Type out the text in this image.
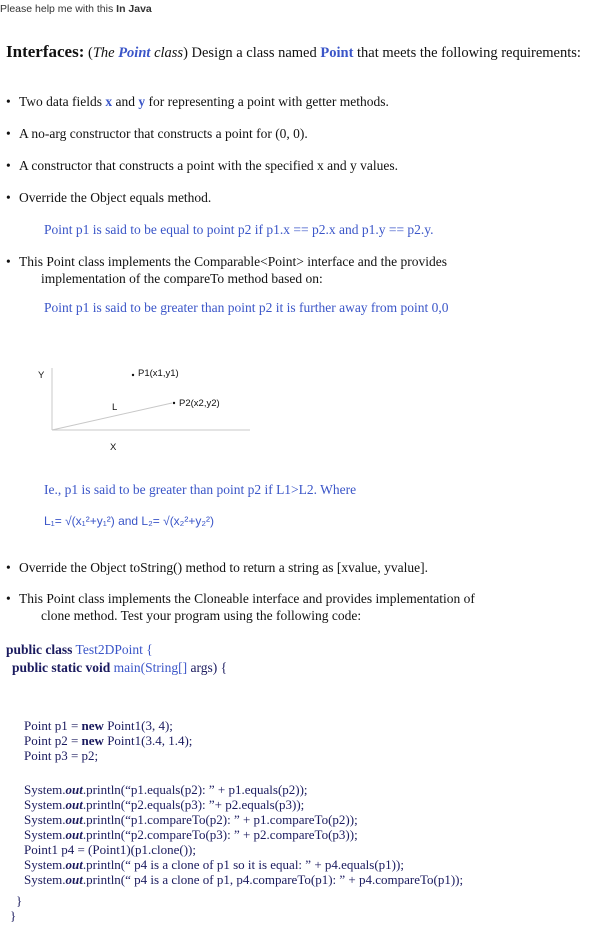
Please help me with this In Java
Interfaces: (The Point class) Design a class named Point that meets the following requirements:
• Two data fields x and y for representing a point with getter methods.
• A no-arg constructor that constructs a point for (0, 0).
• A constructor that constructs a point with the specified x and y values.
• Override the Object equals method.
Point p1 is said to be equal to point p2 if p1.x == p2.x and p1.y == p2.y.
• This Point class implements the Comparable<Point> interface and the provides
implementation of the compareTo method based on:
Point p1 is said to be greater than point p2 it is further away from point 0,0
Y	P1(x1,y1)
P2(x2,y2)
L
X
Ie., p1 is said to be greater than point p2 if L1>L2. Where
L₁= √(x₁²+y₁²) and L₂= √(x₂²+y₂²)
• Override the Object toString() method to return a string as [xvalue, yvalue].
• This Point class implements the Cloneable interface and provides implementation of
clone method. Test your program using the following code:
public class Test2DPoint {
public static void main(String[] args) {
Point p1 = new Point1(3, 4);
Point p2 = new Point1(3.4, 1.4);
Point p3 = p2;
System.out.println(“p1.equals(p2): ” + p1.equals(p2));
System.out.println(“p2.equals(p3): ”+ p2.equals(p3));
System.out.println(“p1.compareTo(p2): ” + p1.compareTo(p2));
System.out.println(“p2.compareTo(p3): ” + p2.compareTo(p3));
Point1 p4 = (Point1)(p1.clone());
System.out.println(“ p4 is a clone of p1 so it is equal: ” + p4.equals(p1));
System.out.println(“ p4 is a clone of p1, p4.compareTo(p1): ” + p4.compareTo(p1));
}
}
